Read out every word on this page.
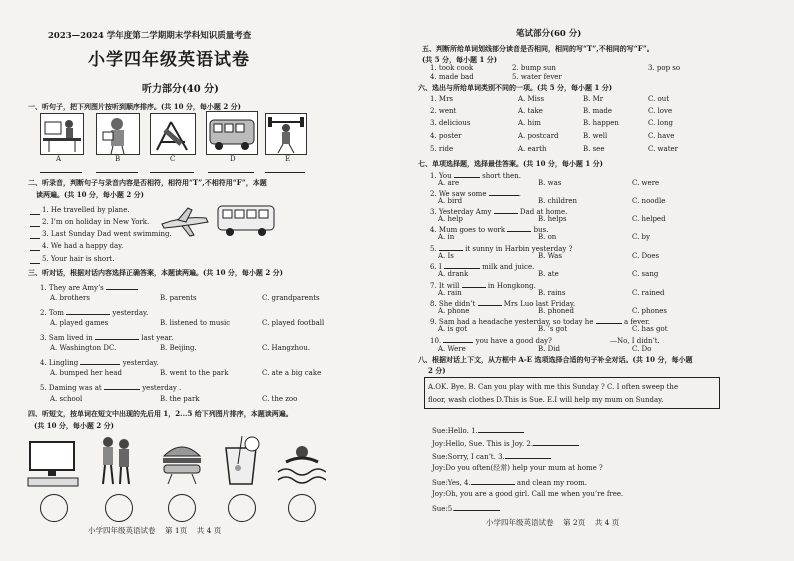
2023—2024 学年度第二学期期末学科知识质量考查
小学四年级英语试卷
听力部分(40 分)
一、听句子，把下列图片按听到顺序排序。(共 10 分，每小题 2 分)
A	B	C	D	E
二、听录音，判断句子与录音内容是否相符，相符用“T”,不相符用“F”，本题
读两遍。(共 10 分，每小题 2 分)
1. He travelled by plane.
2. I’m on holiday in New York.
3. Last Sunday Dad went swimming.
4. We had a happy day.
5. Your hair is short.
三、听对话，根据对话内容选择正确答案，本题读两遍。(共 10 分，每小题 2 分)
1. They are Amy’s
A. brothers	B. parents	C. grandparents
2. Tom	yesterday.
A. played games	B. listened to music	C. played football
3. Sam lived in	last year.
A. Washington DC.	B. Beijing.	C. Hangzhou.
4. Lingling	yesterday.
A. bumped her head	B. went to the park	C. ate a big cake
5. Daming was at	yesterday .
A. school	B. the park	C. the zoo
四、听短文，按单词在短文中出现的先后用 1，2...5 给下列图片排序，本题读两遍。
(共 10 分，每小题 2 分)
小学四年级英语试卷 第 1页 共 4 页
笔试部分(60 分)
五、判断所给单词划线部分读音是否相同，相同的写“T”,不相同的写“F”。
(共 5 分，每小题 1 分)
1. took cook	2. bump sun	3. pop so
4. made bad	5. water fever
六、选出与所给单词类别不同的一项。(共 5 分，每小题 1 分)
1. Mrs	A. Miss	B. Mr	C. out
2. went	A. take	B. made	C. love
3. delicious	A. him	B. happen	C. long
4. poster	A. postcard	B. well	C. have
5. ride	A. earth	B. see	C. water
七、单项选择题，选择最佳答案。(共 10 分，每小题 1 分)
1. You	short then.
A. are	B. was	C. were
2. We saw some	.
A. bird	B. children	C. noodle
3. Yesterday Amy	Dad at home.
A. help	B. helps	C. helped
4. Mum goes to work	bus.
A. in	B. on	C. by
5.	it sunny in Harbin yesterday ?
A. Is	B. Was	C. Does
6. I	milk and juice.
A. drank	B. ate	C. sang
7. It will	in Hongkong.
A. rain	B. rains	C. rained
8. She didn’t	Mrs Luo last Friday.
A. phone	B. phoned	C. phones
9. Sam had a headache yesterday, so today he	a fever.
A. is got	B. ’s got	C. has got
10.	you have a good day?	—No, I didn’t.
A. Were	B. Did	C. Do
八、根据对话上下文，从方框中 A-E 选项选择合适的句子补全对话。(共 10 分，每小题
2 分)
A.OK. Bye. B. Can you play with me this Sunday ? C. I often sweep the
floor, wash clothes D.This is Sue. E.I will help my mum on Sunday.
Sue:Hello. 1.
Joy:Hello, Sue. This is Joy. 2.
Sue:Sorry, I can’t. 3.
Joy:Do you often(经常) help your mum at home ?
Sue:Yes, 4.	and clean my room.
Joy:Oh, you are a good girl. Call me when you’re free.
Sue:5.
小学四年级英语试卷 第 2页 共 4 页
